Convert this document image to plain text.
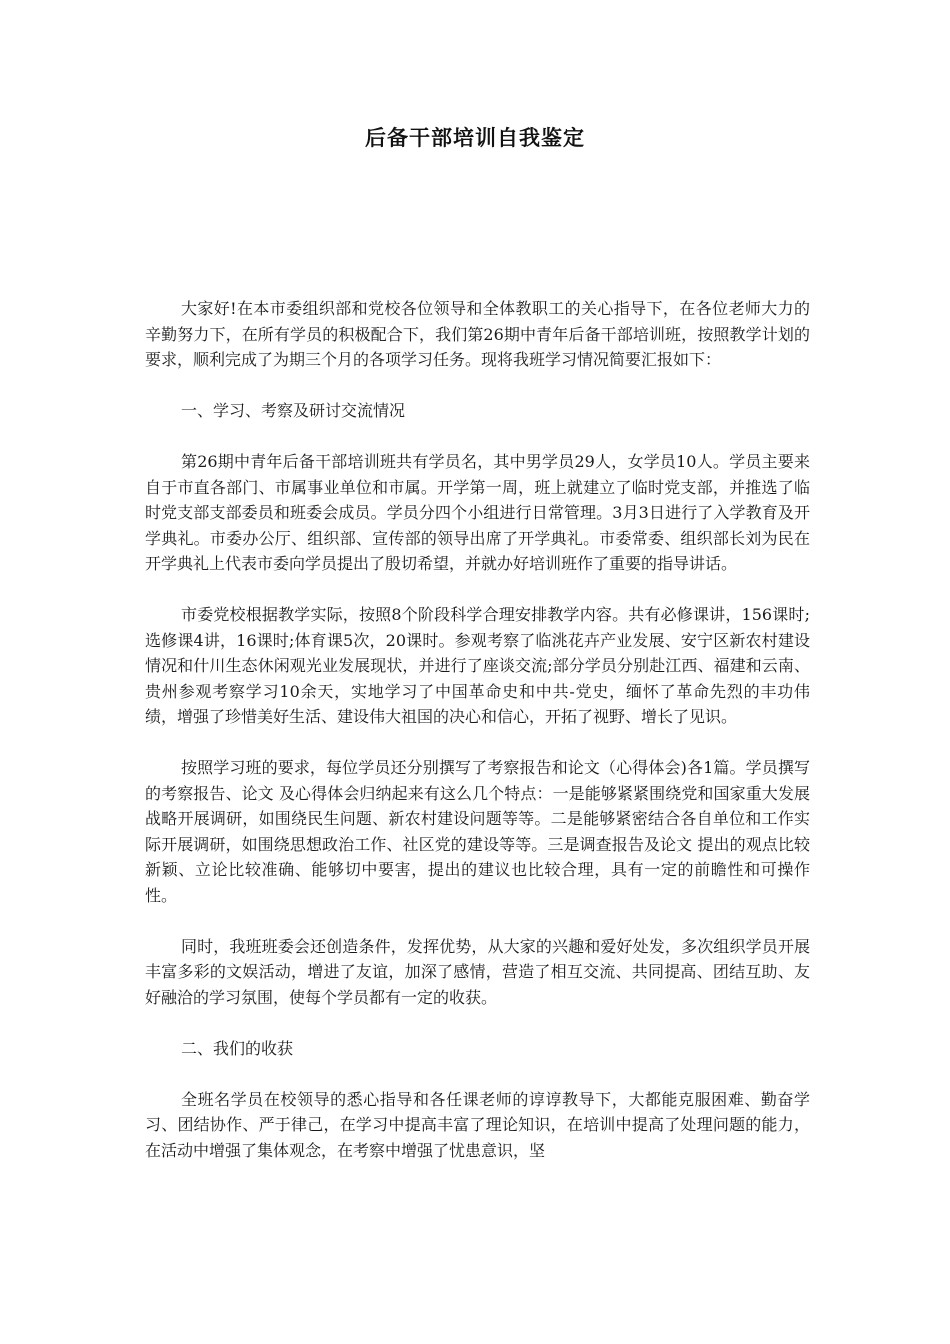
后备干部培训自我鉴定

大家好!在本市委组织部和党校各位领导和全体教职工的关心指导下，在各位老师大力的辛勤努力下，在所有学员的积极配合下，我们第26期中青年后备干部培训班，按照教学计划的要求，顺利完成了为期三个月的各项学习任务。现将我班学习情况简要汇报如下：

一、学习、考察及研讨交流情况

第26期中青年后备干部培训班共有学员名，其中男学员29人，女学员10人。学员主要来自于市直各部门、市属事业单位和市属。开学第一周，班上就建立了临时党支部，并推选了临时党支部支部委员和班委会成员。学员分四个小组进行日常管理。3月3日进行了入学教育及开学典礼。市委办公厅、组织部、宣传部的领导出席了开学典礼。市委常委、组织部长刘为民在开学典礼上代表市委向学员提出了殷切希望，并就办好培训班作了重要的指导讲话。

市委党校根据教学实际，按照8个阶段科学合理安排教学内容。共有必修课讲，156课时;选修课4讲，16课时;体育课5次，20课时。参观考察了临洮花卉产业发展、安宁区新农村建设情况和什川生态休闲观光业发展现状，并进行了座谈交流;部分学员分别赴江西、福建和云南、贵州参观考察学习10余天，实地学习了中国革命史和中共-党史，缅怀了革命先烈的丰功伟绩，增强了珍惜美好生活、建设伟大祖国的决心和信心，开拓了视野、增长了见识。

按照学习班的要求，每位学员还分别撰写了考察报告和论文（心得体会)各1篇。学员撰写的考察报告、论文 及心得体会归纳起来有这么几个特点：一是能够紧紧围绕党和国家重大发展战略开展调研，如围绕民生问题、新农村建设问题等等。二是能够紧密结合各自单位和工作实际开展调研，如围绕思想政治工作、社区党的建设等等。三是调查报告及论文 提出的观点比较新颖、立论比较准确、能够切中要害，提出的建议也比较合理，具有一定的前瞻性和可操作性。

同时，我班班委会还创造条件，发挥优势，从大家的兴趣和爱好处发，多次组织学员开展丰富多彩的文娱活动，增进了友谊，加深了感情，营造了相互交流、共同提高、团结互助、友好融洽的学习氛围，使每个学员都有一定的收获。

二、我们的收获

全班名学员在校领导的悉心指导和各任课老师的谆谆教导下，大都能克服困难、勤奋学习、团结协作、严于律己，在学习中提高丰富了理论知识，在培训中提高了处理问题的能力，在活动中增强了集体观念，在考察中增强了忧患意识，坚
